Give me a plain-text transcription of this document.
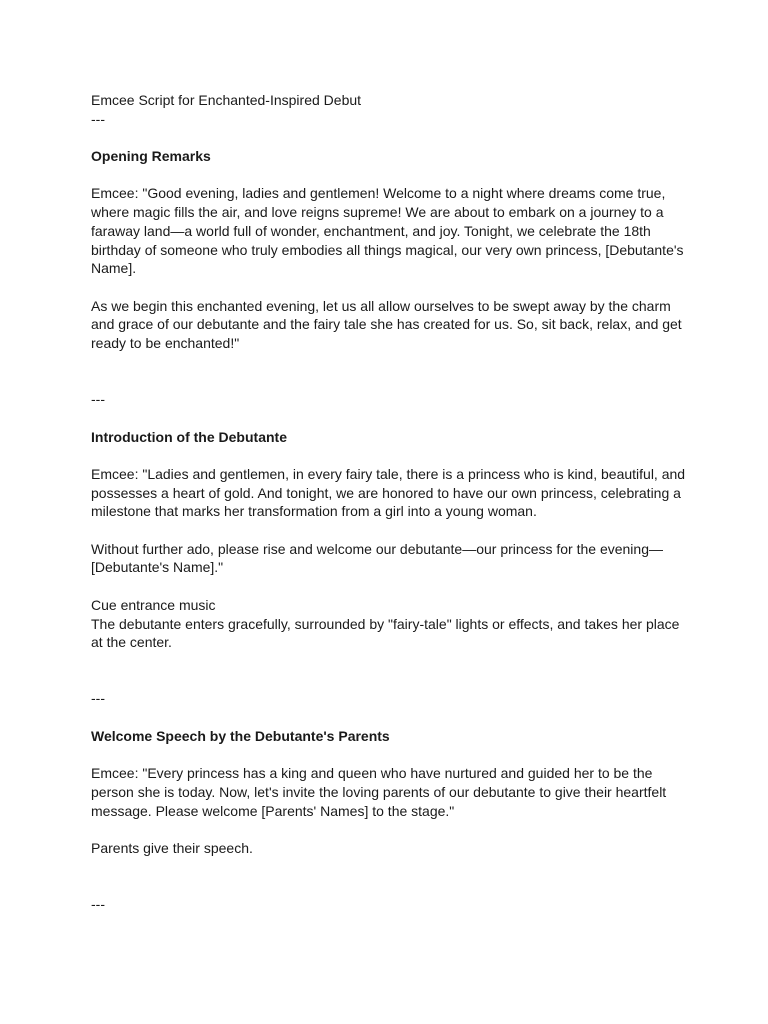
Emcee Script for Enchanted-Inspired Debut

---

Opening Remarks

Emcee: "Good evening, ladies and gentlemen! Welcome to a night where dreams come true,
where magic fills the air, and love reigns supreme! We are about to embark on a journey to a
faraway land—a world full of wonder, enchantment, and joy. Tonight, we celebrate the 18th
birthday of someone who truly embodies all things magical, our very own princess, [Debutante's
Name].

As we begin this enchanted evening, let us all allow ourselves to be swept away by the charm
and grace of our debutante and the fairy tale she has created for us. So, sit back, relax, and get
ready to be enchanted!"

---

Introduction of the Debutante

Emcee: "Ladies and gentlemen, in every fairy tale, there is a princess who is kind, beautiful, and
possesses a heart of gold. And tonight, we are honored to have our own princess, celebrating a
milestone that marks her transformation from a girl into a young woman.

Without further ado, please rise and welcome our debutante—our princess for the evening—
[Debutante's Name]."

Cue entrance music
The debutante enters gracefully, surrounded by "fairy-tale" lights or effects, and takes her place
at the center.

---

Welcome Speech by the Debutante's Parents

Emcee: "Every princess has a king and queen who have nurtured and guided her to be the
person she is today. Now, let's invite the loving parents of our debutante to give their heartfelt
message. Please welcome [Parents' Names] to the stage."

Parents give their speech.

---
